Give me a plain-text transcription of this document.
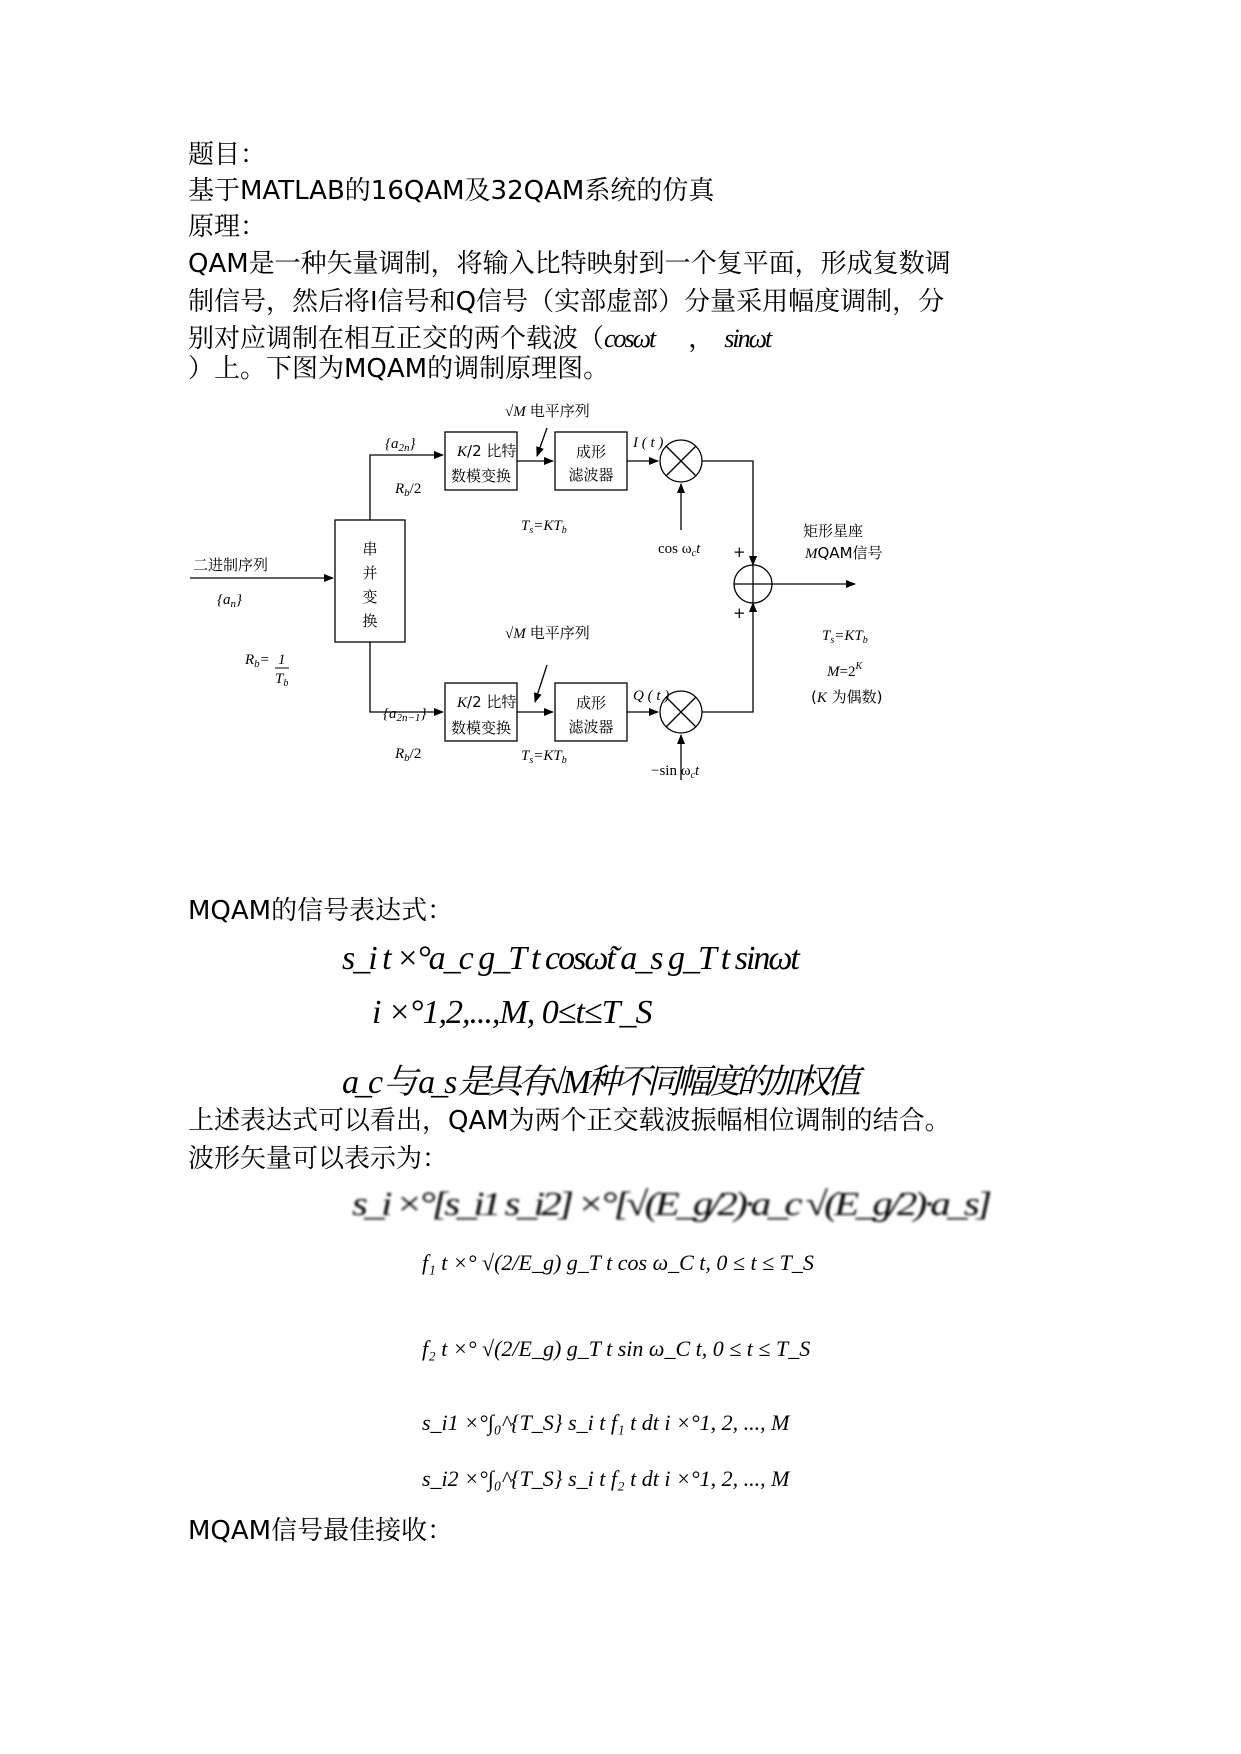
题目：

基于MATLAB的16QAM及32QAM系统的仿真

原理：

QAM是一种矢量调制，将输入比特映射到一个复平面，形成复数调

制信号，然后将I信号和Q信号（实部虚部）分量采用幅度调制，分

别对应调制在相互正交的两个载波（cosωt ， sinωt

）上。下图为MQAM的调制原理图。

串
并
变
换
二进制序列
$\{a_n\}$
$R_b= 1$
$T_b$
$\{a_{2n}\}$
$R_b/2$
K/2 比特
数模变换
成形
滤波器
√M 电平序列
$T_s=KT_b$
I ( t )
$\cos \omega_ct$
$\{a_{2n-1}\}$
$R_b/2$
K/2 比特
数模变换
成形
滤波器
√M 电平序列
$T_s=KT_b$
Q ( t )
−sin $\omega_ct$
+
+
矩形星座
MQAM信号
$T_s=KT_b$
$M=2^K$
(K 为偶数)

MQAM的信号表达式：

s_i t ×°a_c g_T t cosω̃t a_s g_T t sinωt
i ×°1,2,...,M, 0≤t≤T_S
a_c 与 a_s 是具有√M种不同幅度的加权值

上述表达式可以看出，QAM为两个正交载波振幅相位调制的结合。

波形矢量可以表示为：

s_i ×°[s_i1 s_i2] ×°[√(E_g/2)·a_c √(E_g/2)·a_s]
f₁ t ×° √(2/E_g) g_T t cos ω_C t, 0 ≤ t ≤ T_S
f₂ t ×° √(2/E_g) g_T t sin ω_C t, 0 ≤ t ≤ T_S
s_i1 ×°∫₀^{T_S} s_i t f₁ t dt i ×°1, 2, ..., M
s_i2 ×°∫₀^{T_S} s_i t f₂ t dt i ×°1, 2, ..., M

MQAM信号最佳接收：
